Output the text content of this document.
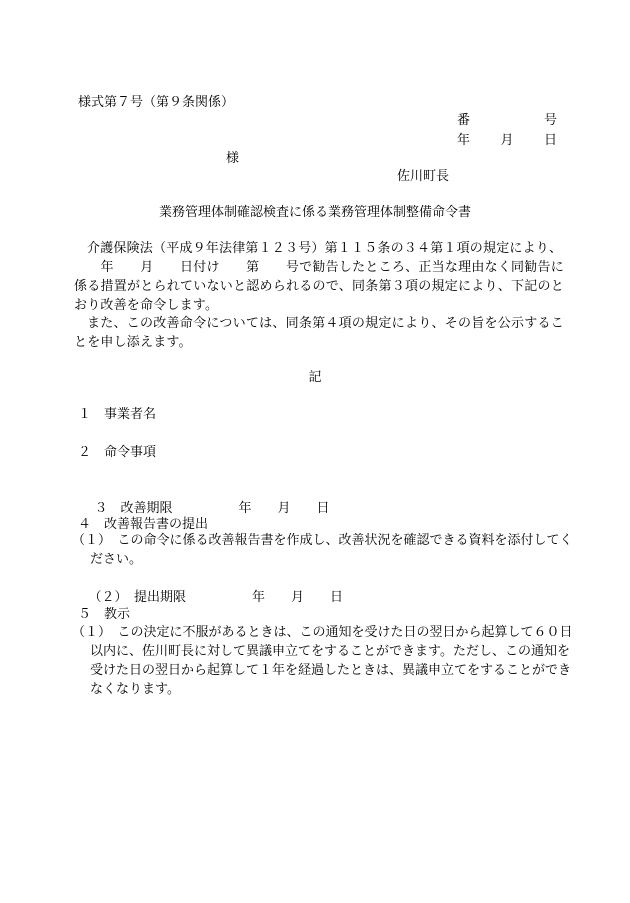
様式第７号（第９条関係）
番	号
年 月 日
様
佐川町長
業務管理体制確認検査に係る業務管理体制整備命令書

介護保険法（平成９年法律第１２３号）第１１５条の３４第１項の規定により、

　　年　　月　　日付け　　第　　号で勧告したところ、正当な理由なく同勧告に係る措置がとられていないと認められるので、同条第３項の規定により、下記のとおり改善を命令します。

また、この改善命令については、同条第４項の規定により、その旨を公示することを申し添えます。

記
１　事業者名
２　命令事項

３　改善期限	年　　月　　日

４　改善報告書の提出
（１）　この命令に係る改善報告書を作成し、改善状況を確認できる資料を添付してください。

（２）　提出期限	年　　月　　日

５　教示
（１）　この決定に不服があるときは、この通知を受けた日の翌日から起算して６０日以内に、佐川町長に対して異議申立てをすることができます。ただし、この通知を受けた日の翌日から起算して１年を経過したときは、異議申立てをすることができなくなります。
